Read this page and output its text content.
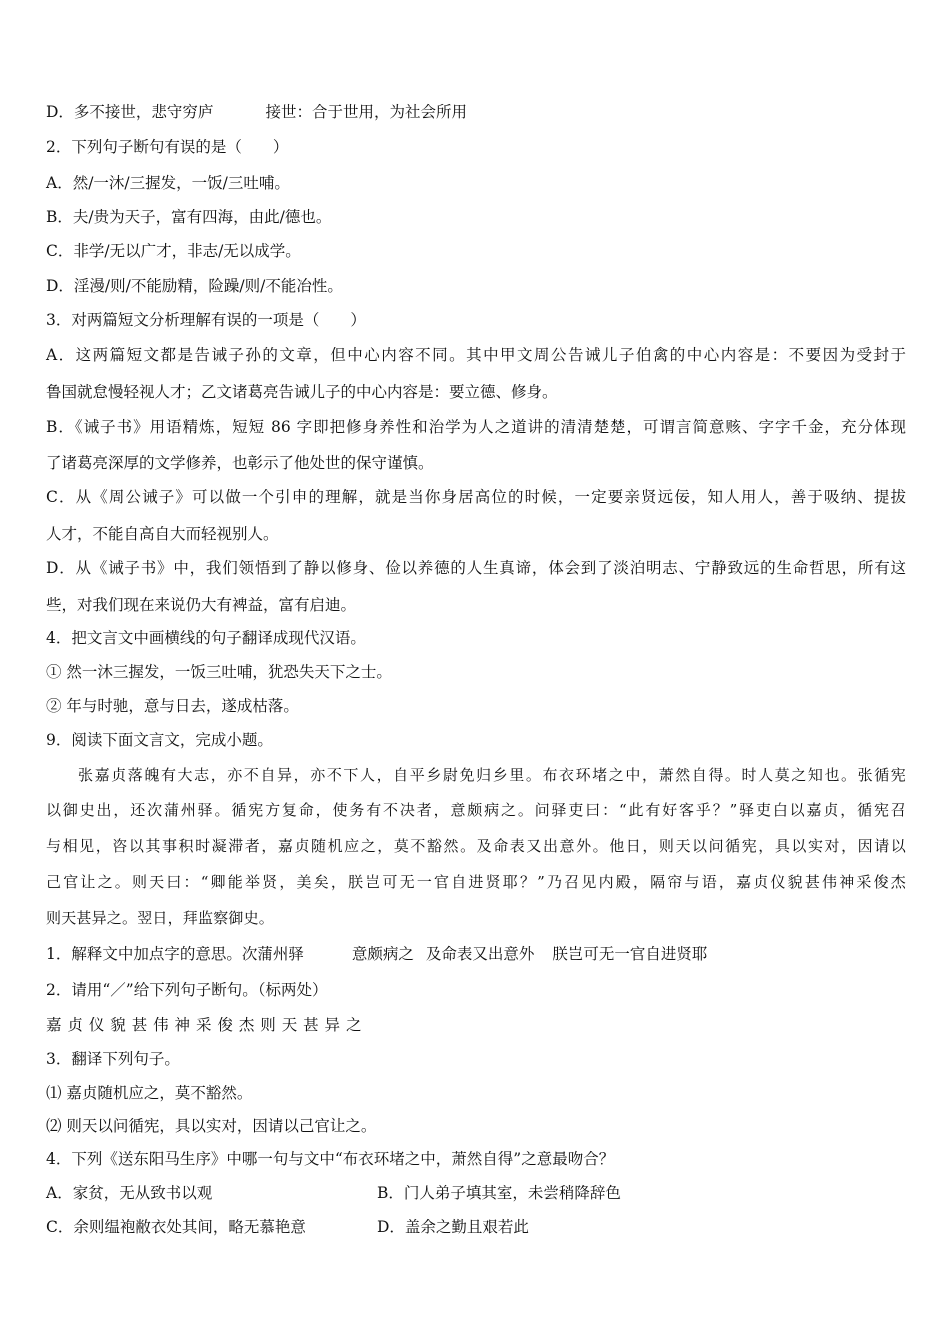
D．多不接世，悲守穷庐	接世：合于世用，为社会所用
2．下列句子断句有误的是（　　）
A．然/一沐/三握发，一饭/三吐哺。
B．夫/贵为天子，富有四海，由此/德也。
C．非学/无以广才，非志/无以成学。
D．淫漫/则/不能励精，险躁/则/不能冶性。
3．对两篇短文分析理解有误的一项是（　　）
A．这两篇短文都是告诫子孙的文章，但中心内容不同。其中甲文周公告诫儿子伯禽的中心内容是：不要因为受封于
鲁国就怠慢轻视人才；乙文诸葛亮告诫儿子的中心内容是：要立德、修身。
B．《诫子书》用语精炼，短短 86 字即把修身养性和治学为人之道讲的清清楚楚，可谓言简意赅、字字千金，充分体现
了诸葛亮深厚的文学修养，也彰示了他处世的保守谨慎。
C．从《周公诫子》可以做一个引申的理解，就是当你身居高位的时候，一定要亲贤远佞，知人用人，善于吸纳、提拔
人才，不能自高自大而轻视别人。
D．从《诫子书》中，我们领悟到了静以修身、俭以养德的人生真谛，体会到了淡泊明志、宁静致远的生命哲思，所有这
些，对我们现在来说仍大有裨益，富有启迪。
4．把文言文中画横线的句子翻译成现代汉语。
① 然一沐三握发，一饭三吐哺，犹恐失天下之士。
② 年与时驰，意与日去，遂成枯落。
9．阅读下面文言文，完成小题。
张嘉贞落魄有大志，亦不自异，亦不下人，自平乡尉免归乡里。布衣环堵之中，萧然自得。时人莫之知也。张循宪
以御史出，还次蒲州驿。循宪方复命，使务有不决者，意颇病之。问驿吏曰：“此有好客乎？”驿吏白以嘉贞，循宪召
与相见，咨以其事积时凝滞者，嘉贞随机应之，莫不豁然。及命表又出意外。他日，则天以问循宪，具以实对，因请以
己官让之。则天曰：“卿能举贤，美矣，朕岂可无一官自进贤耶？”乃召见内殿，隔帘与语，嘉贞仪貌甚伟神采俊杰
则天甚异之。翌日，拜监察御史。
1．解释文中加点字的意思。次蒲州驿	意颇病之 及命表又出意外 朕岂可无一官自进贤耶
2．请用“／”给下列句子断句。（标两处）
嘉 贞 仪 貌 甚 伟 神 采 俊 杰 则 天 甚 异 之
3．翻译下列句子。
⑴ 嘉贞随机应之，莫不豁然。
⑵ 则天以问循宪，具以实对，因请以己官让之。
4．下列《送东阳马生序》中哪一句与文中“布衣环堵之中，萧然自得”之意最吻合？
A．家贫，无从致书以观	B．门人弟子填其室，未尝稍降辞色
C．余则缊袍敝衣处其间，略无慕艳意	D．盖余之勤且艰若此
